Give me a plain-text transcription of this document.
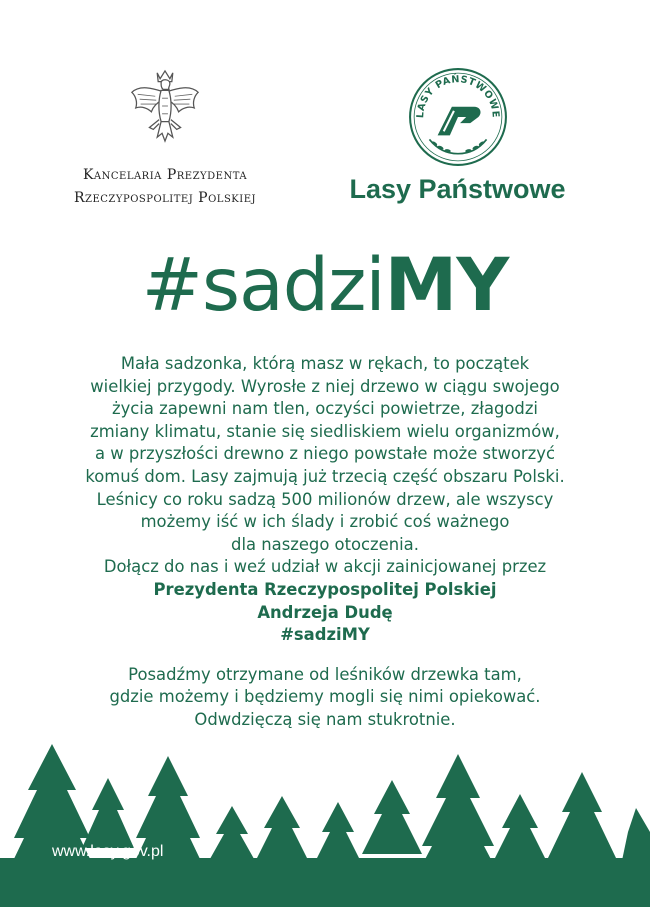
Kancelaria Prezydenta
Rzeczypospolitej Polskiej
LASY PAŃSTWOWE
Lasy Państwowe
#sadziMY
Mała sadzonka, którą masz w rękach, to początek
wielkiej przygody. Wyrosłe z niej drzewo w ciągu swojego
życia zapewni nam tlen, oczyści powietrze, złagodzi
zmiany klimatu, stanie się siedliskiem wielu organizmów,
a w przyszłości drewno z niego powstałe może stworzyć
komuś dom. Lasy zajmują już trzecią część obszaru Polski.
Leśnicy co roku sadzą 500 milionów drzew, ale wszyscy
możemy iść w ich ślady i zrobić coś ważnego
dla naszego otoczenia.
Dołącz do nas i weź udział w akcji zainicjowanej przez
Prezydenta Rzeczypospolitej Polskiej
Andrzeja Dudę
#sadziMY
Posadźmy otrzymane od leśników drzewka tam,
gdzie możemy i będziemy mogli się nimi opiekować.
Odwdzięczą się nam stukrotnie.
www.lasy.gov.pl
